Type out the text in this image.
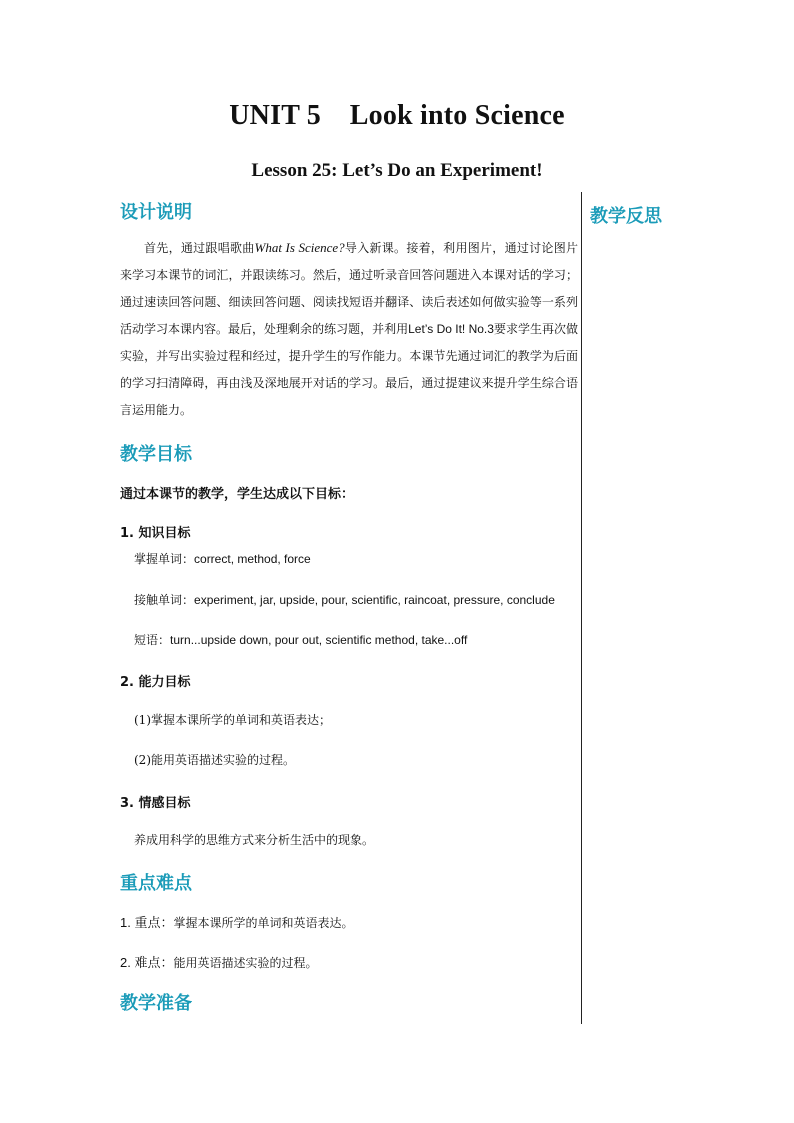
UNIT 5    Look into Science
Lesson 25: Let’s Do an Experiment!
教学反思
设计说明
首先，通过跟唱歌曲What Is Science?导入新课。接着，利用图片，通过讨论图片来学习本课节的词汇，并跟读练习。然后，通过听录音回答问题进入本课对话的学习；通过速读回答问题、细读回答问题、阅读找短语并翻译、读后表述如何做实验等一系列活动学习本课内容。最后，处理剩余的练习题，并利用Let’s Do It! No.3要求学生再次做实验，并写出实验过程和经过，提升学生的写作能力。本课节先通过词汇的教学为后面的学习扫清障碍，再由浅及深地展开对话的学习。最后，通过提建议来提升学生综合语言运用能力。
教学目标
通过本课节的教学，学生达成以下目标：
1. 知识目标
掌握单词：correct, method, force
接触单词：experiment, jar, upside, pour, scientific, raincoat, pressure, conclude
短语：turn...upside down, pour out, scientific method, take...off
2. 能力目标
(1)掌握本课所学的单词和英语表达；
(2)能用英语描述实验的过程。
3. 情感目标
养成用科学的思维方式来分析生活中的现象。
重点难点
1. 重点：掌握本课所学的单词和英语表达。
2. 难点：能用英语描述实验的过程。
教学准备
